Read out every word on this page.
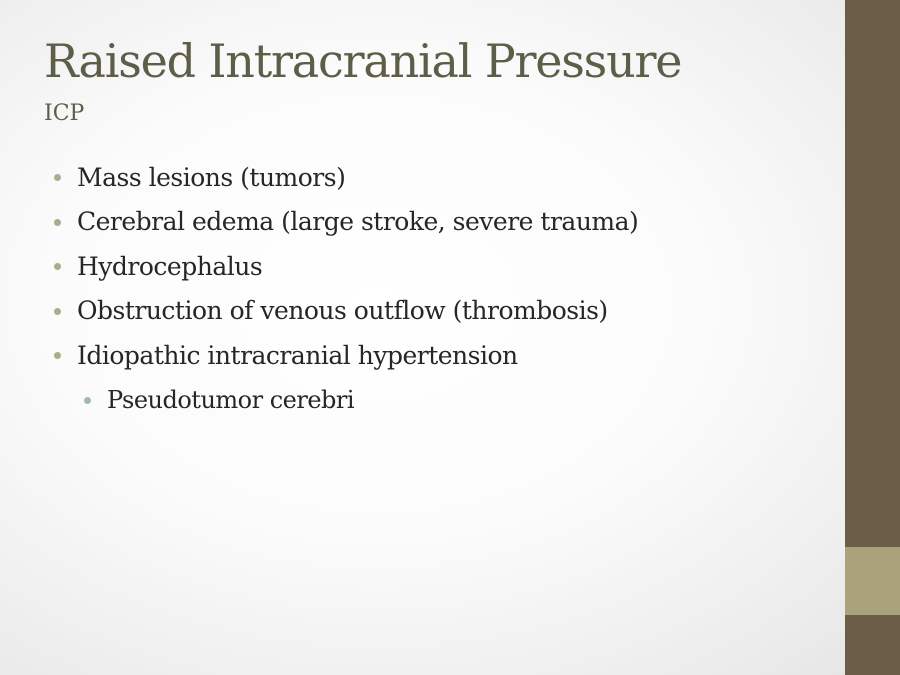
Raised Intracranial Pressure
ICP
Mass lesions (tumors)
Cerebral edema (large stroke, severe trauma)
Hydrocephalus
Obstruction of venous outflow (thrombosis)
Idiopathic intracranial hypertension
Pseudotumor cerebri
